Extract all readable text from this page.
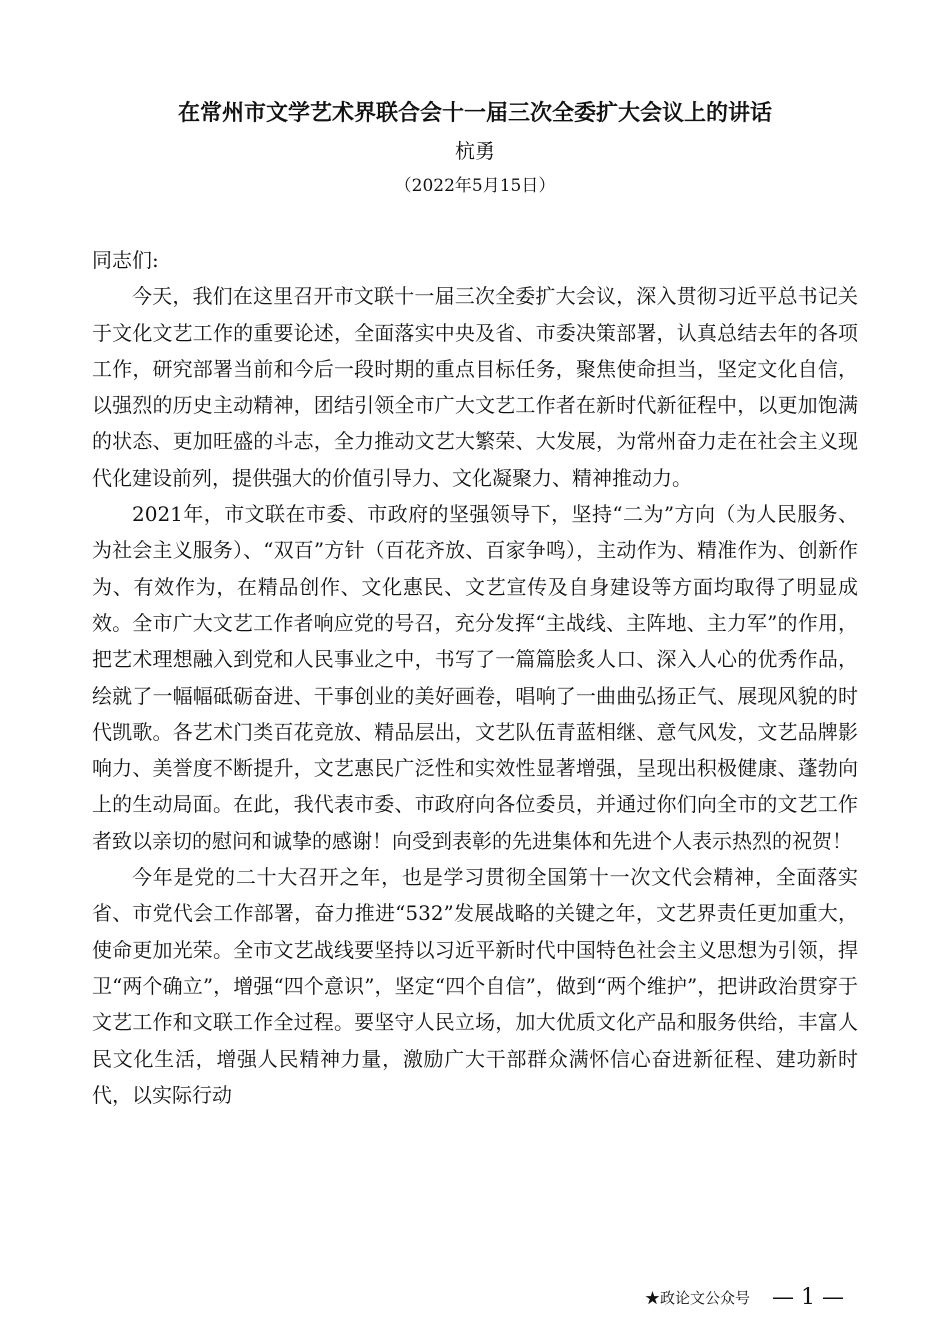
在常州市文学艺术界联合会十一届三次全委扩大会议上的讲话
杭勇
（2022年5月15日）

同志们:

今天，我们在这里召开市文联十一届三次全委扩大会议，深入贯彻习近平总书记关于文化文艺工作的重要论述，全面落实中央及省、市委决策部署，认真总结去年的各项工作，研究部署当前和今后一段时期的重点目标任务，聚焦使命担当，坚定文化自信，以强烈的历史主动精神，团结引领全市广大文艺工作者在新时代新征程中，以更加饱满的状态、更加旺盛的斗志，全力推动文艺大繁荣、大发展，为常州奋力走在社会主义现代化建设前列，提供强大的价值引导力、文化凝聚力、精神推动力。

2021年，市文联在市委、市政府的坚强领导下，坚持“二为”方向（为人民服务、为社会主义服务）、“双百”方针（百花齐放、百家争鸣），主动作为、精准作为、创新作为、有效作为，在精品创作、文化惠民、文艺宣传及自身建设等方面均取得了明显成效。全市广大文艺工作者响应党的号召，充分发挥“主战线、主阵地、主力军”的作用，把艺术理想融入到党和人民事业之中，书写了一篇篇脍炙人口、深入人心的优秀作品，绘就了一幅幅砥砺奋进、干事创业的美好画卷，唱响了一曲曲弘扬正气、展现风貌的时代凯歌。各艺术门类百花竞放、精品层出，文艺队伍青蓝相继、意气风发，文艺品牌影响力、美誉度不断提升，文艺惠民广泛性和实效性显著增强，呈现出积极健康、蓬勃向上的生动局面。在此，我代表市委、市政府向各位委员，并通过你们向全市的文艺工作者致以亲切的慰问和诚挚的感谢！向受到表彰的先进集体和先进个人表示热烈的祝贺！

今年是党的二十大召开之年，也是学习贯彻全国第十一次文代会精神，全面落实省、市党代会工作部署，奋力推进“532”发展战略的关键之年，文艺界责任更加重大，使命更加光荣。全市文艺战线要坚持以习近平新时代中国特色社会主义思想为引领，捍卫“两个确立”，增强“四个意识”，坚定“四个自信”，做到“两个维护”，把讲政治贯穿于文艺工作和文联工作全过程。要坚守人民立场，加大优质文化产品和服务供给，丰富人民文化生活，增强人民精神力量，激励广大干部群众满怀信心奋进新征程、建功新时代，以实际行动

★政论文公众号 — 1 —
